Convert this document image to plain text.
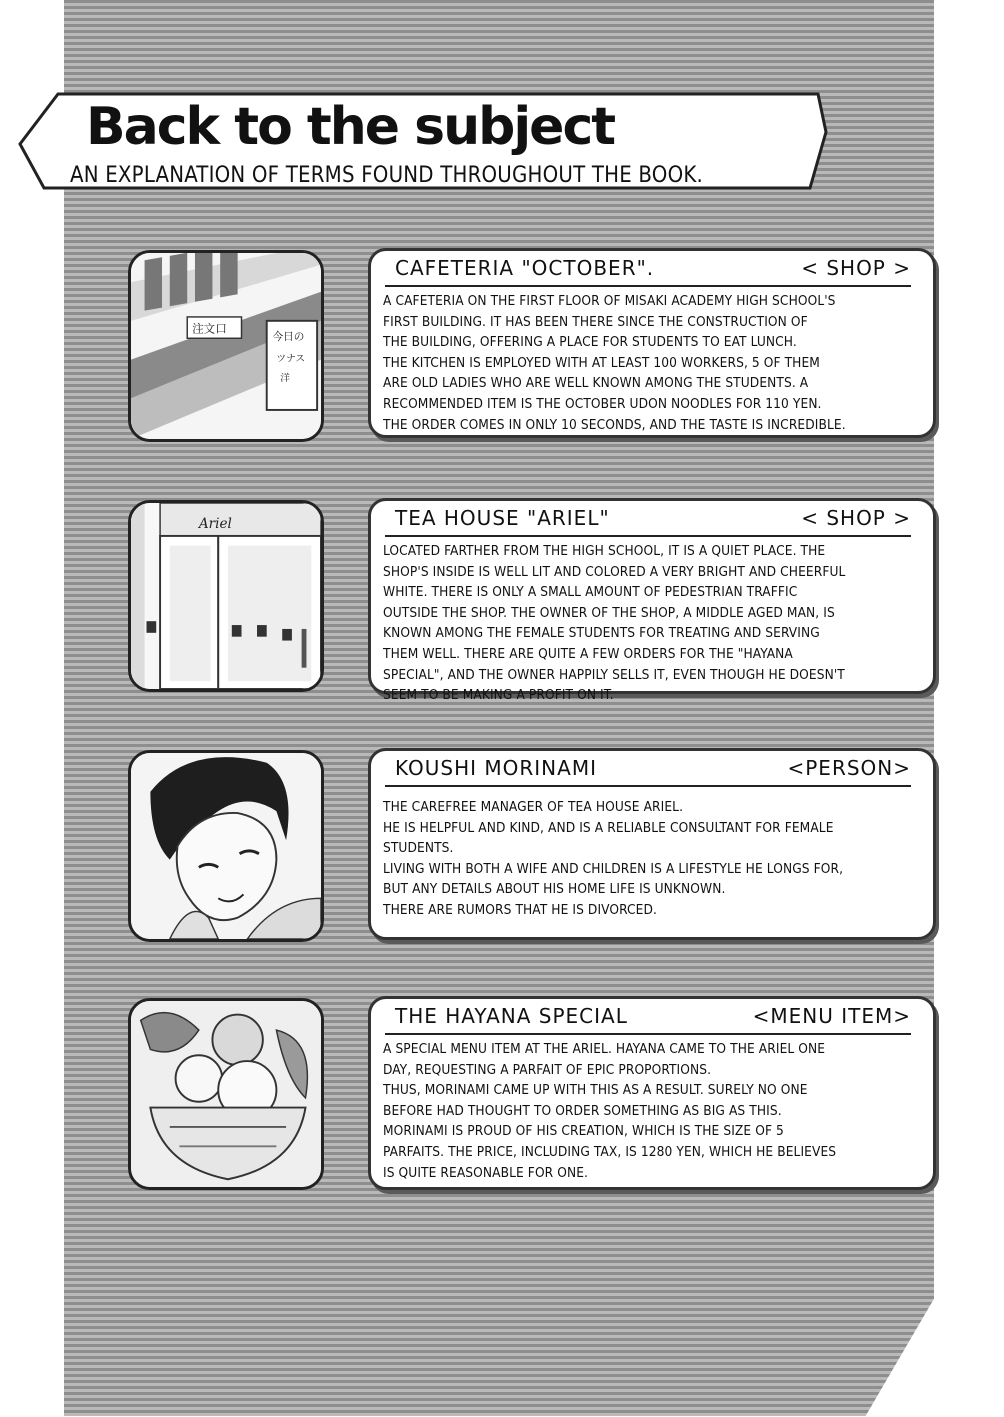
Back to the subject

AN EXPLANATION OF TERMS FOUND THROUGHOUT THE BOOK.

注文口
今日の
ツナス
洋
CAFETERIA "OCTOBER".	< SHOP >

A CAFETERIA ON THE FIRST FLOOR OF MISAKI ACADEMY HIGH SCHOOL'S
FIRST BUILDING. IT HAS BEEN THERE SINCE THE CONSTRUCTION OF
THE BUILDING, OFFERING A PLACE FOR STUDENTS TO EAT LUNCH.
THE KITCHEN IS EMPLOYED WITH AT LEAST 100 WORKERS, 5 OF THEM
ARE OLD LADIES WHO ARE WELL KNOWN AMONG THE STUDENTS. A
RECOMMENDED ITEM IS THE OCTOBER UDON NOODLES FOR 110 YEN.
THE ORDER COMES IN ONLY 10 SECONDS, AND THE TASTE IS INCREDIBLE.

Ariel	TEA HOUSE "ARIEL"	< SHOP >

LOCATED FARTHER FROM THE HIGH SCHOOL, IT IS A QUIET PLACE. THE
SHOP'S INSIDE IS WELL LIT AND COLORED A VERY BRIGHT AND CHEERFUL
WHITE. THERE IS ONLY A SMALL AMOUNT OF PEDESTRIAN TRAFFIC
OUTSIDE THE SHOP. THE OWNER OF THE SHOP, A MIDDLE AGED MAN, IS
KNOWN AMONG THE FEMALE STUDENTS FOR TREATING AND SERVING
THEM WELL. THERE ARE QUITE A FEW ORDERS FOR THE "HAYANA
SPECIAL", AND THE OWNER HAPPILY SELLS IT, EVEN THOUGH HE DOESN'T
SEEM TO BE MAKING A PROFIT ON IT.

KOUSHI MORINAMI	<PERSON>

THE CAREFREE MANAGER OF TEA HOUSE ARIEL.
HE IS HELPFUL AND KIND, AND IS A RELIABLE CONSULTANT FOR FEMALE
STUDENTS.
LIVING WITH BOTH A WIFE AND CHILDREN IS A LIFESTYLE HE LONGS FOR,
BUT ANY DETAILS ABOUT HIS HOME LIFE IS UNKNOWN.
THERE ARE RUMORS THAT HE IS DIVORCED.

THE HAYANA SPECIAL	<MENU ITEM>

A SPECIAL MENU ITEM AT THE ARIEL. HAYANA CAME TO THE ARIEL ONE
DAY, REQUESTING A PARFAIT OF EPIC PROPORTIONS.
THUS, MORINAMI CAME UP WITH THIS AS A RESULT. SURELY NO ONE
BEFORE HAD THOUGHT TO ORDER SOMETHING AS BIG AS THIS.
MORINAMI IS PROUD OF HIS CREATION, WHICH IS THE SIZE OF 5
PARFAITS. THE PRICE, INCLUDING TAX, IS 1280 YEN, WHICH HE BELIEVES
IS QUITE REASONABLE FOR ONE.
